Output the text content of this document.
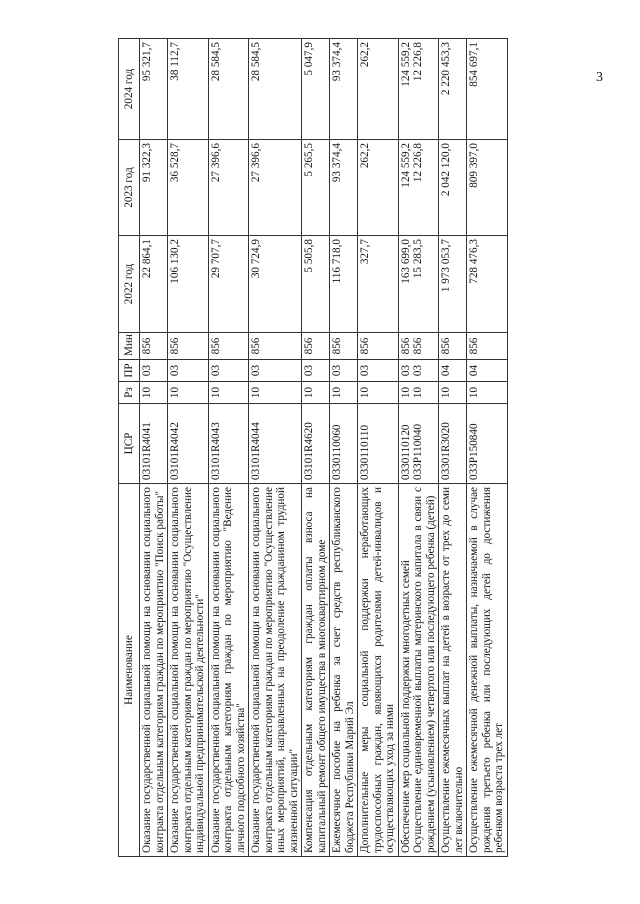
3
Наименование	ЦСР	Рз	ПР	Мин	2022 год	2023 год	2024 год
Оказание государственной социальной помощи на основании социального контракта отдельным категориям граждан по мероприятию "Поиск работы"	03101R4041	10	03	856	22 864,1	91 322,3	95 321,7
Оказание государственной социальной помощи на основании социального контракта отдельным категориям граждан по мероприятию "Осуществление индивидуальной предпринимательской деятельности"	03101R4042	10	03	856	106 130,2	36 528,7	38 112,7
Оказание государственной социальной помощи на основании социального контракта отдельным категориям граждан по мероприятию "Ведение личного подсобного хозяйства"	03101R4043	10	03	856	29 707,7	27 396,6	28 584,5
Оказание государственной социальной помощи на основании социального контракта отдельным категориям граждан по мероприятию "Осуществление иных мероприятий, направленных на преодоление гражданином трудной жизненной ситуации"	03101R4044	10	03	856	30 724,9	27 396,6	28 584,5
Компенсация отдельным категориям граждан оплаты взноса на капитальный ремонт общего имущества в многоквартирном доме	03101R4620	10	03	856	5 505,8	5 265,5	5 047,9
Ежемесячное пособие на ребенка за счет средств республиканского бюджета Республики Марий Эл	0330110060	10	03	856	116 718,0	93 374,4	93 374,4
Дополнительные меры социальной поддержки неработающих трудоспособных граждан, являющихся родителями детей-инвалидов и осуществляющих уход за ними	0330110110	10	03	856	327,7	262,2	262,2

Обеспечение мер социальной поддержки многодетных семей Осуществление единовременной выплаты материнского капитала в связи с рождением (усыновлением) четвертого или последующего ребенка (детей)	0330110120 033P110040	10 10	03 03	856 856	163 699,0 15 283,5	124 559,2 12 226,8	124 559,2 12 226,8

Осуществление ежемесячных выплат на детей в возрасте от трех до семи лет включительно	03301R3020	10	04	856	1 973 053,7	2 042 120,0	2 220 453,3
Осуществление ежемесячной денежной выплаты, назначаемой в случае рождения третьего ребенка или последующих детей до достижения ребенком возраста трех лет	033P150840	10	04	856	728 476,3	809 397,0	854 697,1
